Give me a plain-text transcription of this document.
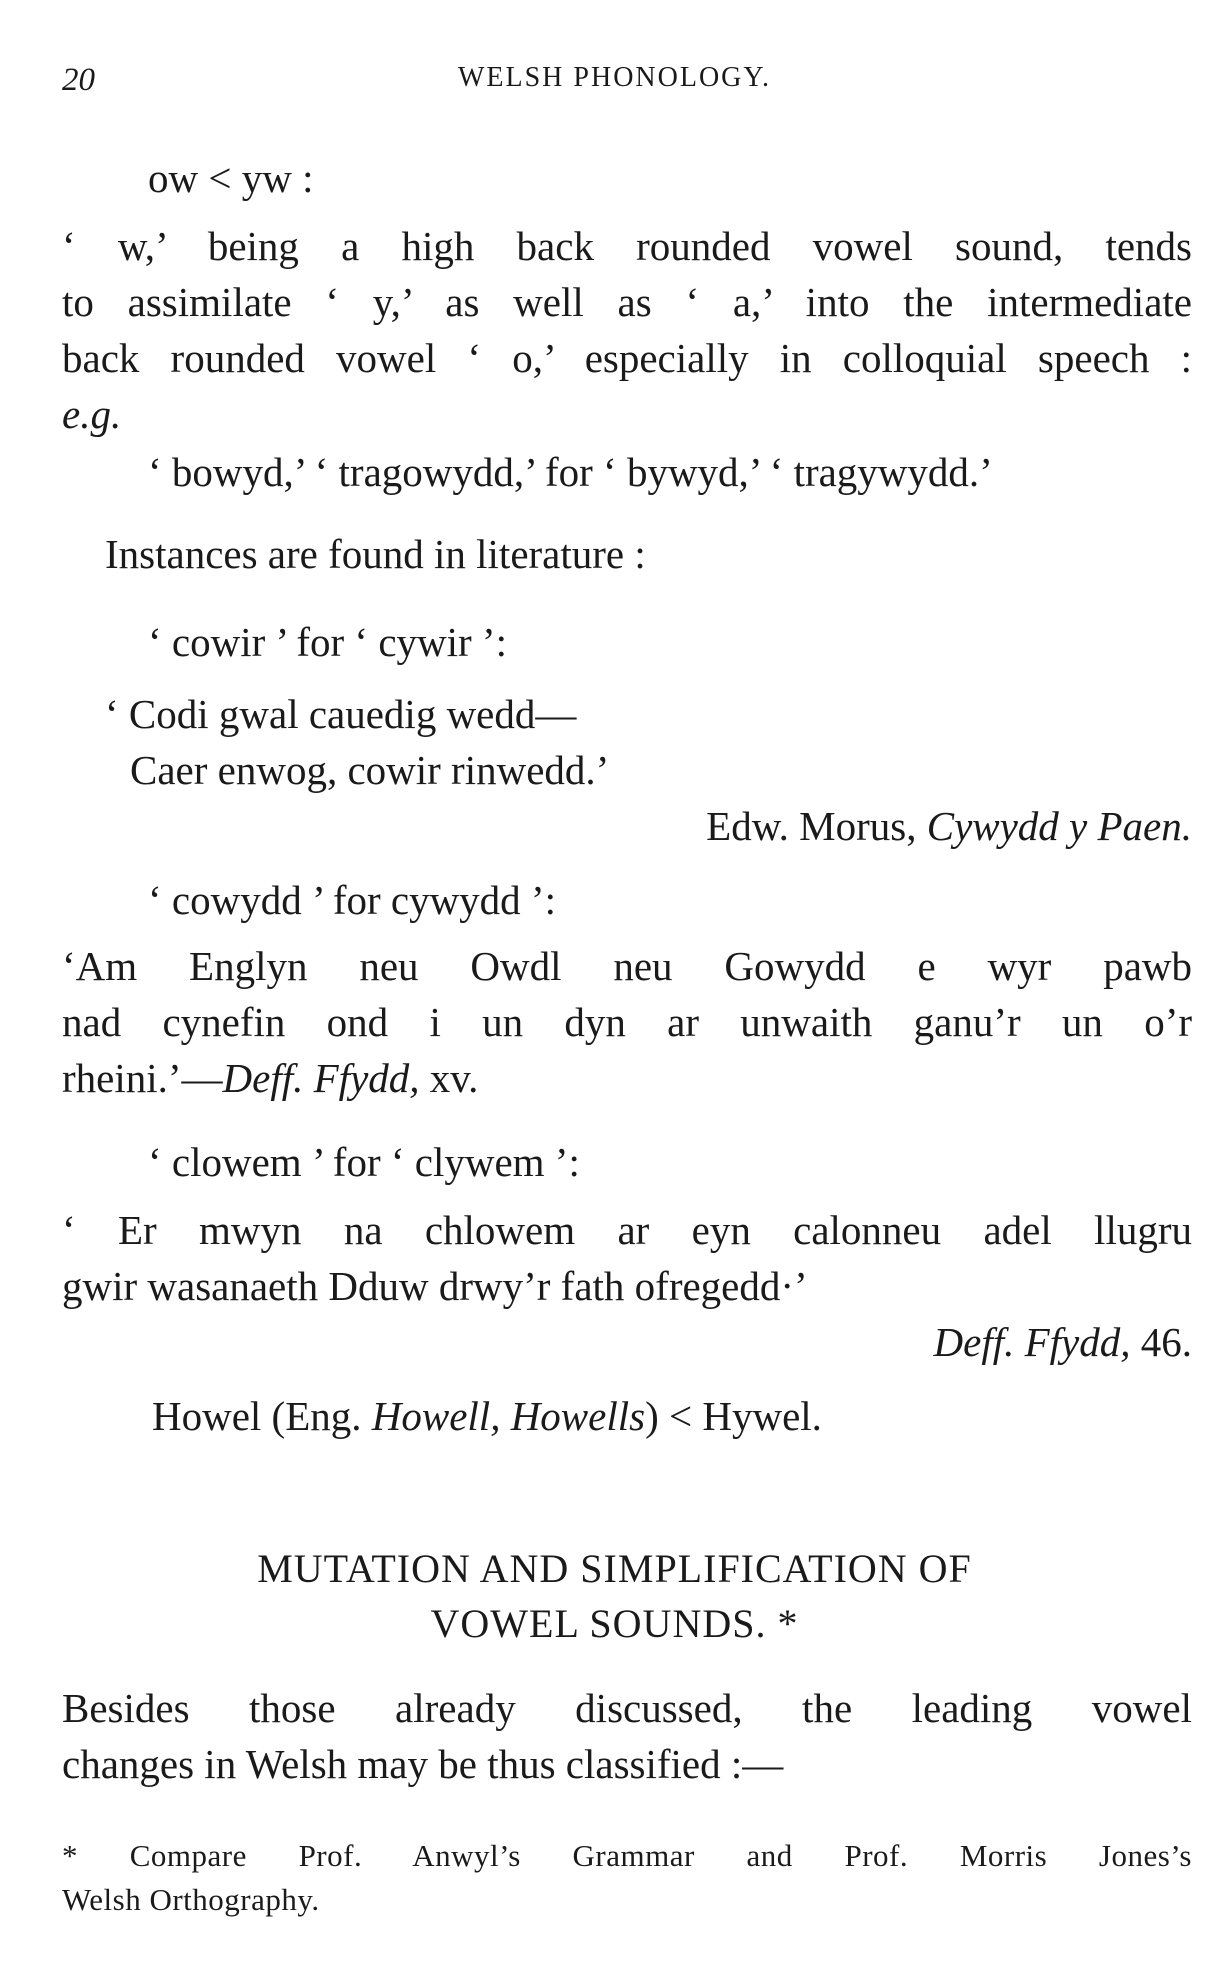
20	WELSH PHONOLOGY.
ow < yw :
‘ w,’ being a high back rounded vowel sound, tends
to assimilate ‘ y,’ as well as ‘ a,’ into the intermediate
back rounded vowel ‘ o,’ especially in colloquial speech :
e.g.
‘ bowyd,’ ‘ tragowydd,’ for ‘ bywyd,’ ‘ tragywydd.’
Instances are found in literature :
‘ cowir ’ for ‘ cywir ’:
‘ Codi gwal cauedig wedd—
Caer enwog, cowir rinwedd.’
Edw. Morus, Cywydd y Paen.
‘ cowydd ’ for cywydd ’:
‘Am Englyn neu Owdl neu Gowydd e wyr pawb
nad cynefin ond i un dyn ar unwaith ganu’r un o’r
rheini.’—Deff. Ffydd, xv.
‘ clowem ’ for ‘ clywem ’:
‘ Er mwyn na chlowem ar eyn calonneu adel llugru
gwir wasanaeth Dduw drwy’r fath ofregedd·’
Deff. Ffydd, 46.
Howel (Eng. Howell, Howells) < Hywel.
MUTATION AND SIMPLIFICATION OF
VOWEL SOUNDS. *
Besides those already discussed, the leading vowel
changes in Welsh may be thus classified :—
* Compare Prof. Anwyl’s Grammar and Prof. Morris Jones’s
Welsh Orthography.
